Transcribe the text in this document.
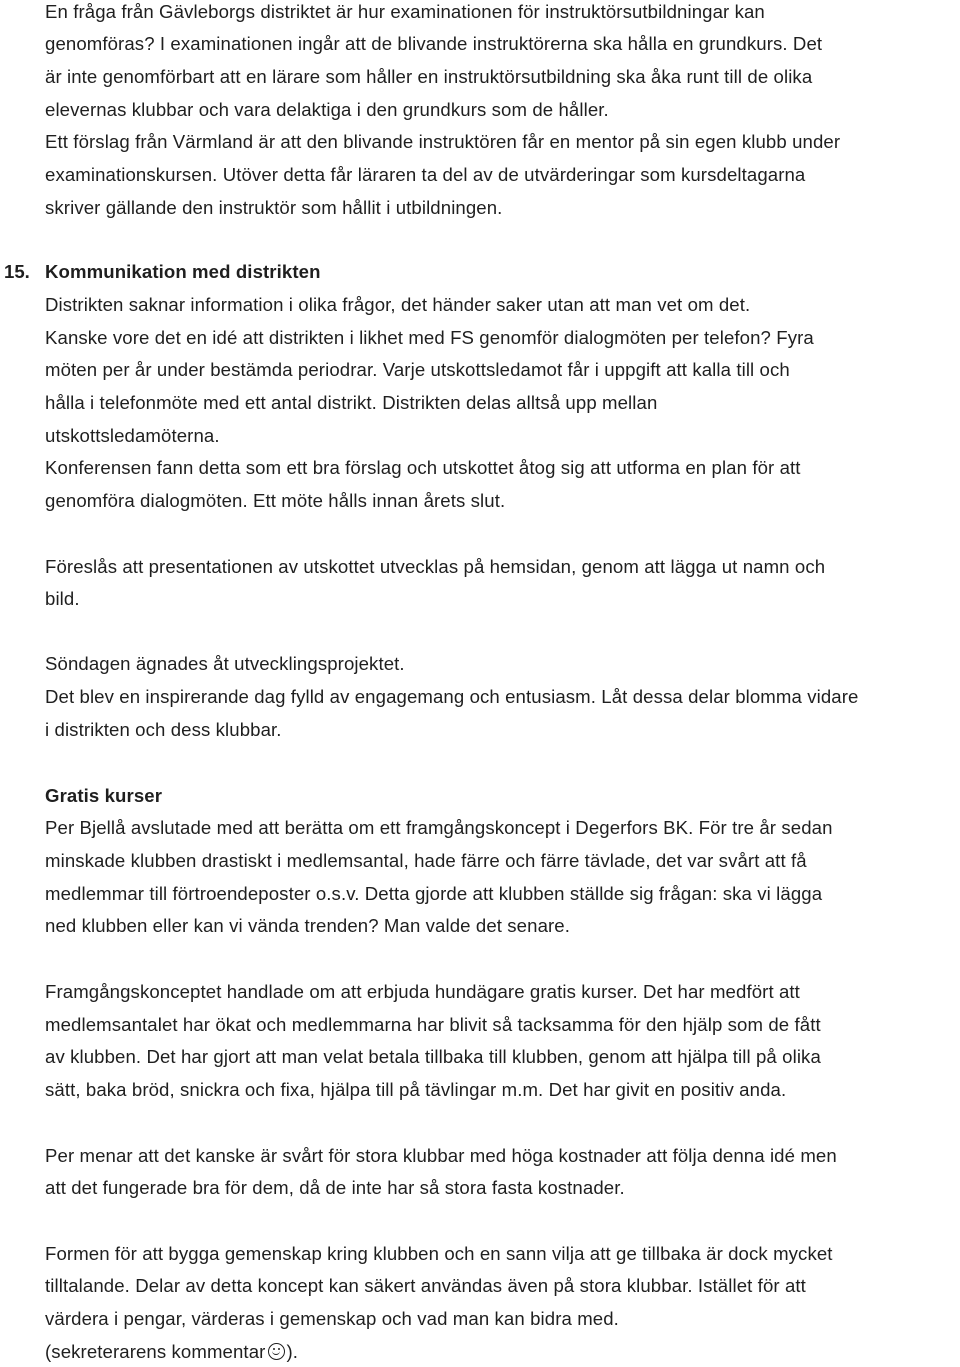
En fråga från Gävleborgs distriktet är hur examinationen för instruktörsutbildningar kan
genomföras? I examinationen ingår att de blivande instruktörerna ska hålla en grundkurs. Det
är inte genomförbart att en lärare som håller en instruktörsutbildning ska åka runt till de olika
elevernas klubbar och vara delaktiga i den grundkurs som de håller.
Ett förslag från Värmland är att den blivande instruktören får en mentor på sin egen klubb under
examinationskursen. Utöver detta får läraren ta del av de utvärderingar som kursdeltagarna
skriver gällande den instruktör som hållit i utbildningen.
15. Kommunikation med distrikten
Distrikten saknar information i olika frågor, det händer saker utan att man vet om det.
Kanske vore det en idé att distrikten i likhet med FS genomför dialogmöten per telefon? Fyra
möten per år under bestämda periodrar. Varje utskottsledamot får i uppgift att kalla till och
hålla i telefonmöte med ett antal distrikt. Distrikten delas alltså upp mellan
utskottsledamöterna.
Konferensen fann detta som ett bra förslag och utskottet åtog sig att utforma en plan för att
genomföra dialogmöten. Ett möte hålls innan årets slut.
Föreslås att presentationen av utskottet utvecklas på hemsidan, genom att lägga ut namn och
bild.
Söndagen ägnades åt utvecklingsprojektet.
Det blev en inspirerande dag fylld av engagemang och entusiasm. Låt dessa delar blomma vidare
i distrikten och dess klubbar.
Gratis kurser
Per Bjellå avslutade med att berätta om ett framgångskoncept i Degerfors BK. För tre år sedan
minskade klubben drastiskt i medlemsantal, hade färre och färre tävlade, det var svårt att få
medlemmar till förtroendeposter o.s.v. Detta gjorde att klubben ställde sig frågan: ska vi lägga
ned klubben eller kan vi vända trenden? Man valde det senare.
Framgångskonceptet handlade om att erbjuda hundägare gratis kurser. Det har medfört att
medlemsantalet har ökat och medlemmarna har blivit så tacksamma för den hjälp som de fått
av klubben. Det har gjort att man velat betala tillbaka till klubben, genom att hjälpa till på olika
sätt, baka bröd, snickra och fixa, hjälpa till på tävlingar m.m. Det har givit en positiv anda.
Per menar att det kanske är svårt för stora klubbar med höga kostnader att följa denna idé men
att det fungerade bra för dem, då de inte har så stora fasta kostnader.
Formen för att bygga gemenskap kring klubben och en sann vilja att ge tillbaka är dock mycket
tilltalande. Delar av detta koncept kan säkert användas även på stora klubbar. Istället för att
värdera i pengar, värderas i gemenskap och vad man kan bidra med.
(sekreterarens kommentar ).
